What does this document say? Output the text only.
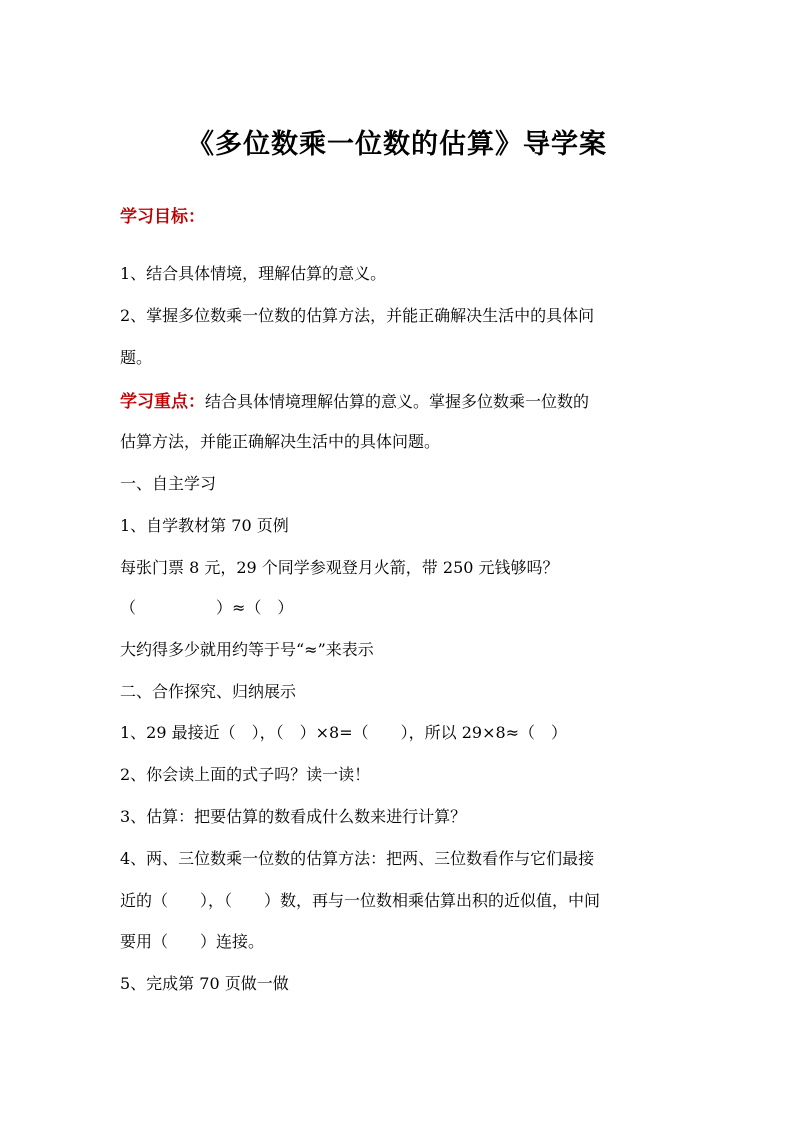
《多位数乘一位数的估算》导学案
学习目标：
1、结合具体情境，理解估算的意义。
2、掌握多位数乘一位数的估算方法，并能正确解决生活中的具体问
题。
学习重点：结合具体情境理解估算的意义。掌握多位数乘一位数的
估算方法，并能正确解决生活中的具体问题。
一、自主学习
1、自学教材第 70 页例
每张门票 8 元，29 个同学参观登月火箭，带 250 元钱够吗？
（　　　　　）≈（　）
大约得多少就用约等于号“≈”来表示
二、合作探究、归纳展示
1、29 最接近（　），（　）×8=（　　），所以 29×8≈（　）
2、你会读上面的式子吗？读一读！
3、估算：把要估算的数看成什么数来进行计算？
4、两、三位数乘一位数的估算方法：把两、三位数看作与它们最接
近的（　　），（　　）数，再与一位数相乘估算出积的近似值，中间
要用（　　）连接。
5、完成第 70 页做一做
